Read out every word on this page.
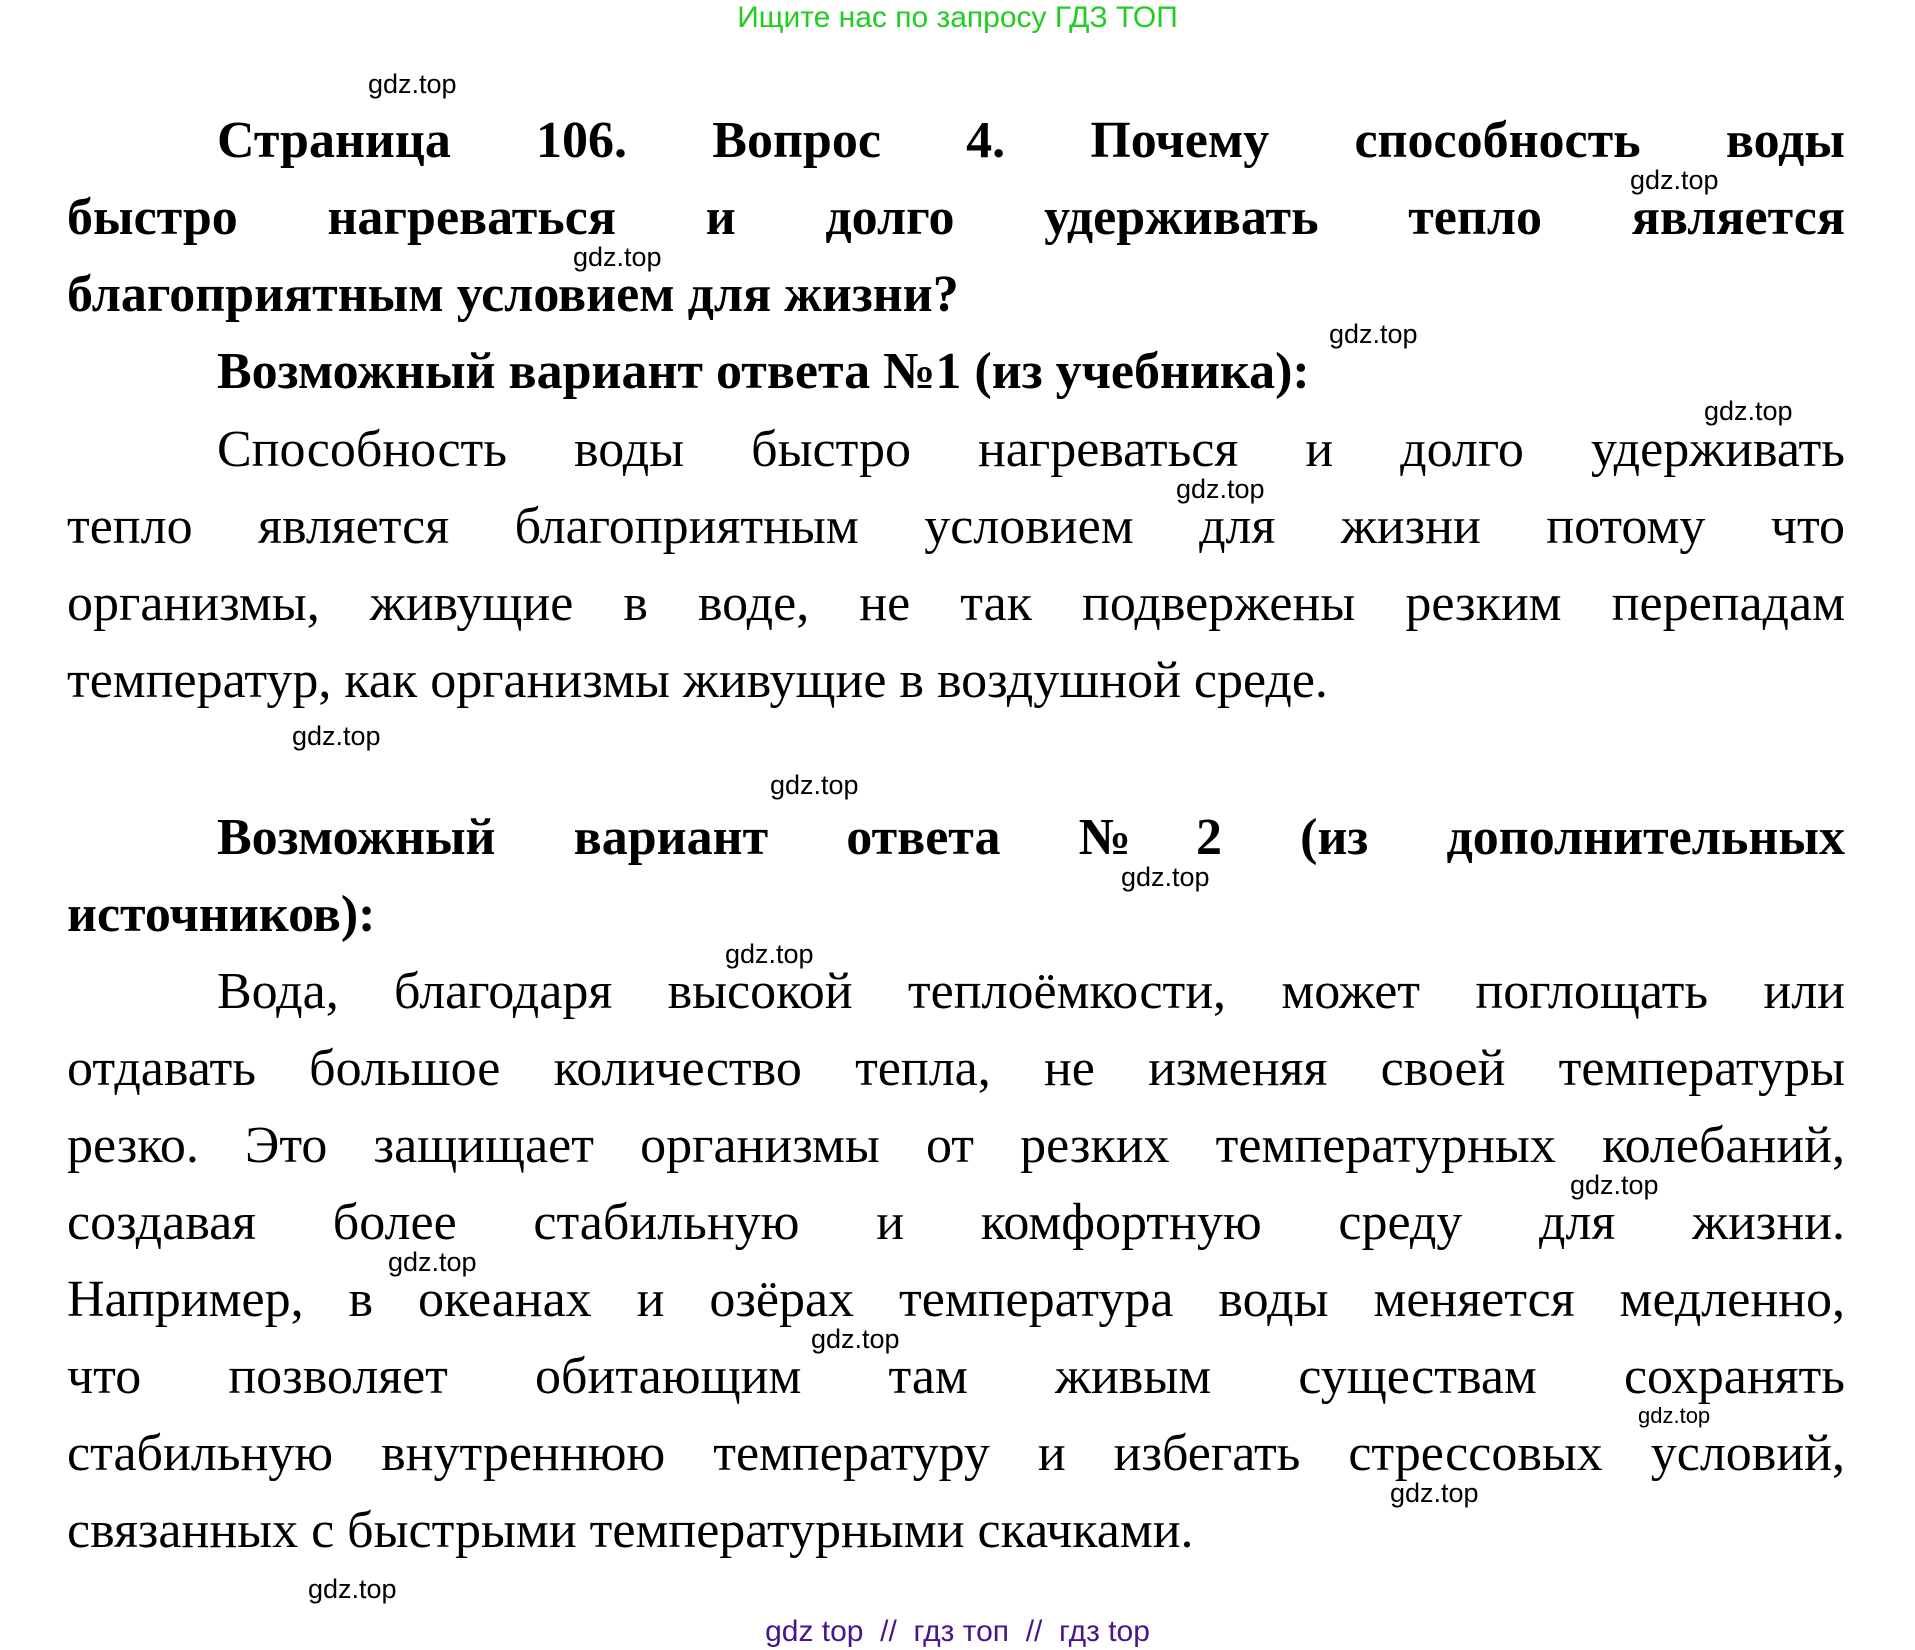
Ищите нас по запросу ГДЗ ТОП
Страница 106. Вопрос 4. Почему способность воды
быстро нагреваться и долго удерживать тепло является
благоприятным условием для жизни?
Возможный вариант ответа №1 (из учебника):
Способность воды быстро нагреваться и долго удерживать
тепло является благоприятным условием для жизни потому что
организмы, живущие в воде, не так подвержены резким перепадам
температур, как организмы живущие в воздушной среде.
Возможный вариант ответа №2 (из дополнительных
источников):
Вода, благодаря высокой теплоёмкости, может поглощать или
отдавать большое количество тепла, не изменяя своей температуры
резко. Это защищает организмы от резких температурных колебаний,
создавая более стабильную и комфортную среду для жизни.
Например, в океанах и озёрах температура воды меняется медленно,
что позволяет обитающим там живым существам сохранять
стабильную внутреннюю температуру и избегать стрессовых условий,
связанных с быстрыми температурными скачками.
gdz.top
gdz.top
gdz.top
gdz.top
gdz.top
gdz.top
gdz.top
gdz.top
gdz.top
gdz.top
gdz.top
gdz.top
gdz.top
gdz.top
gdz.top
gdz.top
gdz top  //  гдз топ  //  гдз top
